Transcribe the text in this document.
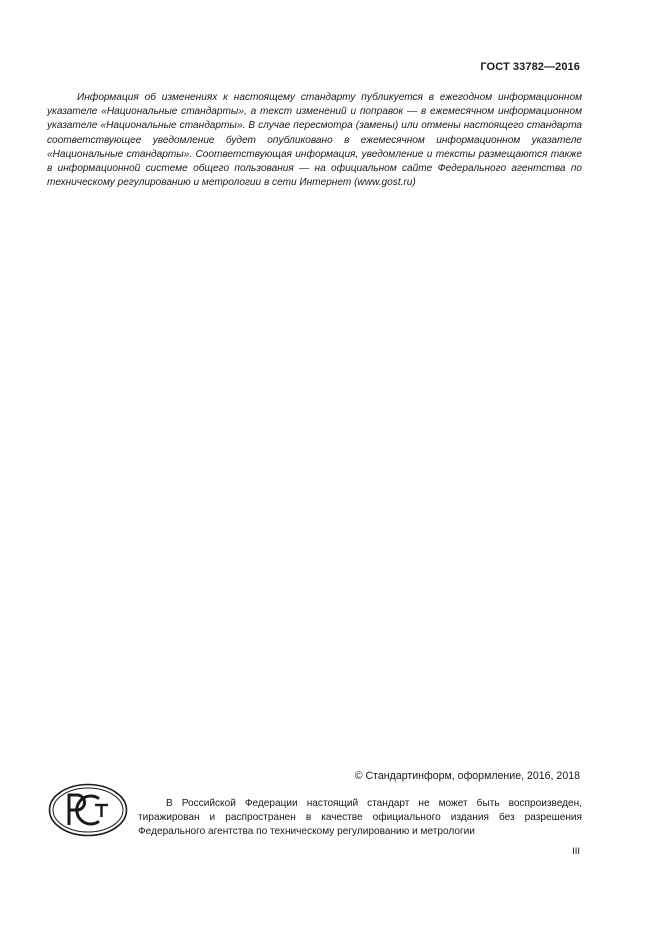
ГОСТ 33782—2016

Информация об изменениях к настоящему стандарту публикуется в ежегодном информационном указателе «Национальные стандарты», а текст изменений и поправок — в ежемесячном информационном указателе «Национальные стандарты». В случае пересмотра (замены) или отмены настоящего стандарта соответствующее уведомление будет опубликовано в ежемесячном информационном указателе «Национальные стандарты». Соответствующая информация, уведомление и тексты размещаются также в информационной системе общего пользования — на официальном сайте Федерального агентства по техническому регулированию и метрологии в сети Интернет (www.gost.ru)

© Стандартинформ, оформление, 2016, 2018

В Российской Федерации настоящий стандарт не может быть воспроизведен, тиражирован и распространен в качестве официального издания без разрешения Федерального агентства по техническому регулированию и метрологии

III
